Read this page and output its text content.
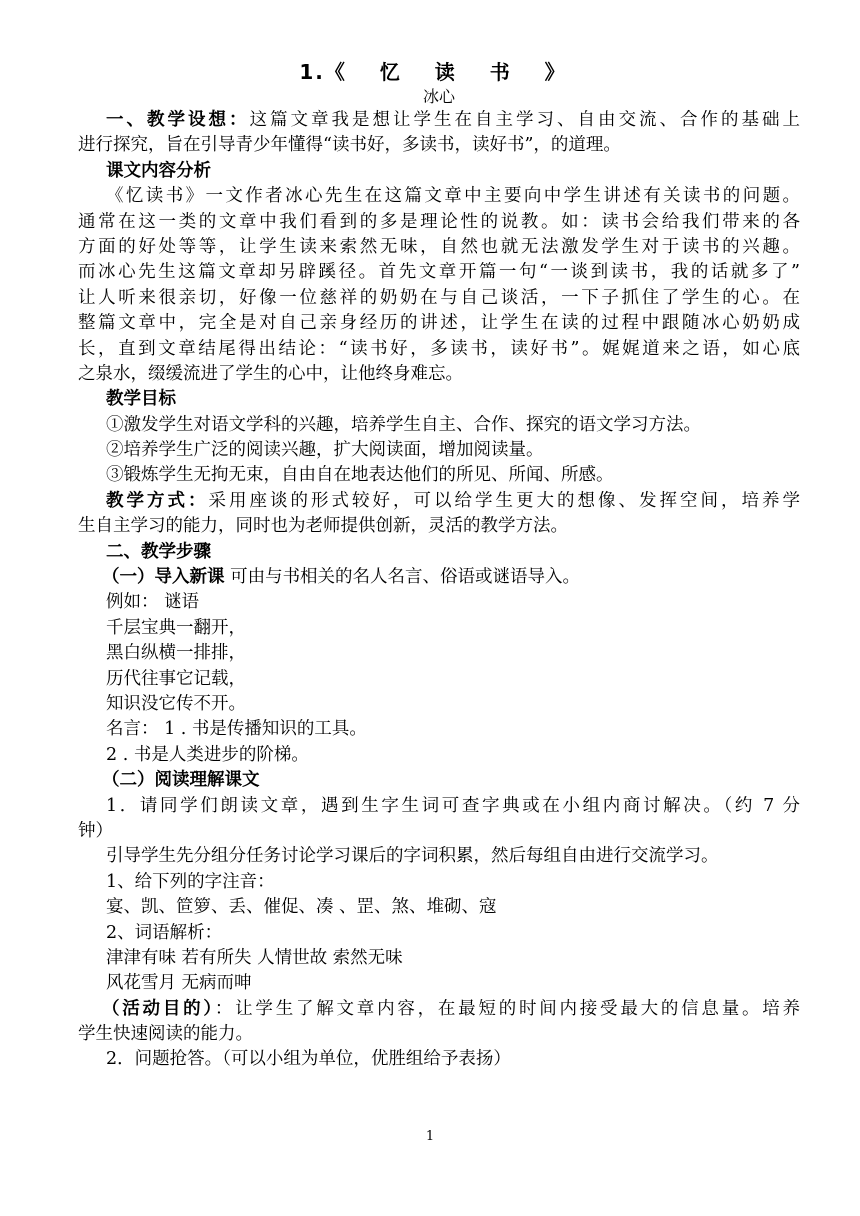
1.《 忆 读 书 》
冰心
一、教学设想：这篇文章我是想让学生在自主学习、自由交流、合作的基础上
进行探究，旨在引导青少年懂得“读书好，多读书，读好书”，的道理。
课文内容分析
《忆读书》一文作者冰心先生在这篇文章中主要向中学生讲述有关读书的问题。
通常在这一类的文章中我们看到的多是理论性的说教。如：读书会给我们带来的各
方面的好处等等，让学生读来索然无味，自然也就无法激发学生对于读书的兴趣。
而冰心先生这篇文章却另辟蹊径。首先文章开篇一句“一谈到读书，我的话就多了”
让人听来很亲切，好像一位慈祥的奶奶在与自己谈活，一下子抓住了学生的心。在
整篇文章中，完全是对自己亲身经历的讲述，让学生在读的过程中跟随冰心奶奶成
长，直到文章结尾得出结论：“读书好，多读书，读好书”。娓娓道来之语，如心底
之泉水，缀缓流进了学生的心中，让他终身难忘。
教学目标
①激发学生对语文学科的兴趣，培养学生自主、合作、探究的语文学习方法。
②培养学生广泛的阅读兴趣，扩大阅读面，增加阅读量。
③锻炼学生无拘无束，自由自在地表达他们的所见、所闻、所感。
教学方式：采用座谈的形式较好，可以给学生更大的想像、发挥空间，培养学
生自主学习的能力，同时也为老师提供创新，灵活的教学方法。
二、教学步骤
（一）导入新课 可由与书相关的名人名言、俗语或谜语导入。
例如： 谜语
千层宝典一翻开，
黑白纵横一排排，
历代往事它记载，
知识没它传不开。
名言： 1 . 书是传播知识的工具。
2 . 书是人类进步的阶梯。
（二）阅读理解课文
1．请同学们朗读文章，遇到生字生词可查字典或在小组内商讨解决。（约 7 分
钟）
引导学生先分组分任务讨论学习课后的字词积累，然后每组自由进行交流学习。
1、给下列的字注音：
宴、凯、笸箩、丢、催促、凑 、罡、煞、堆砌、寇
2、词语解析：
津津有味 若有所失 人情世故 索然无味
风花雪月 无病而呻
（活动目的）：让学生了解文章内容，在最短的时间内接受最大的信息量。培养
学生快速阅读的能力。
2．问题抢答。（可以小组为单位，优胜组给予表扬）
1
